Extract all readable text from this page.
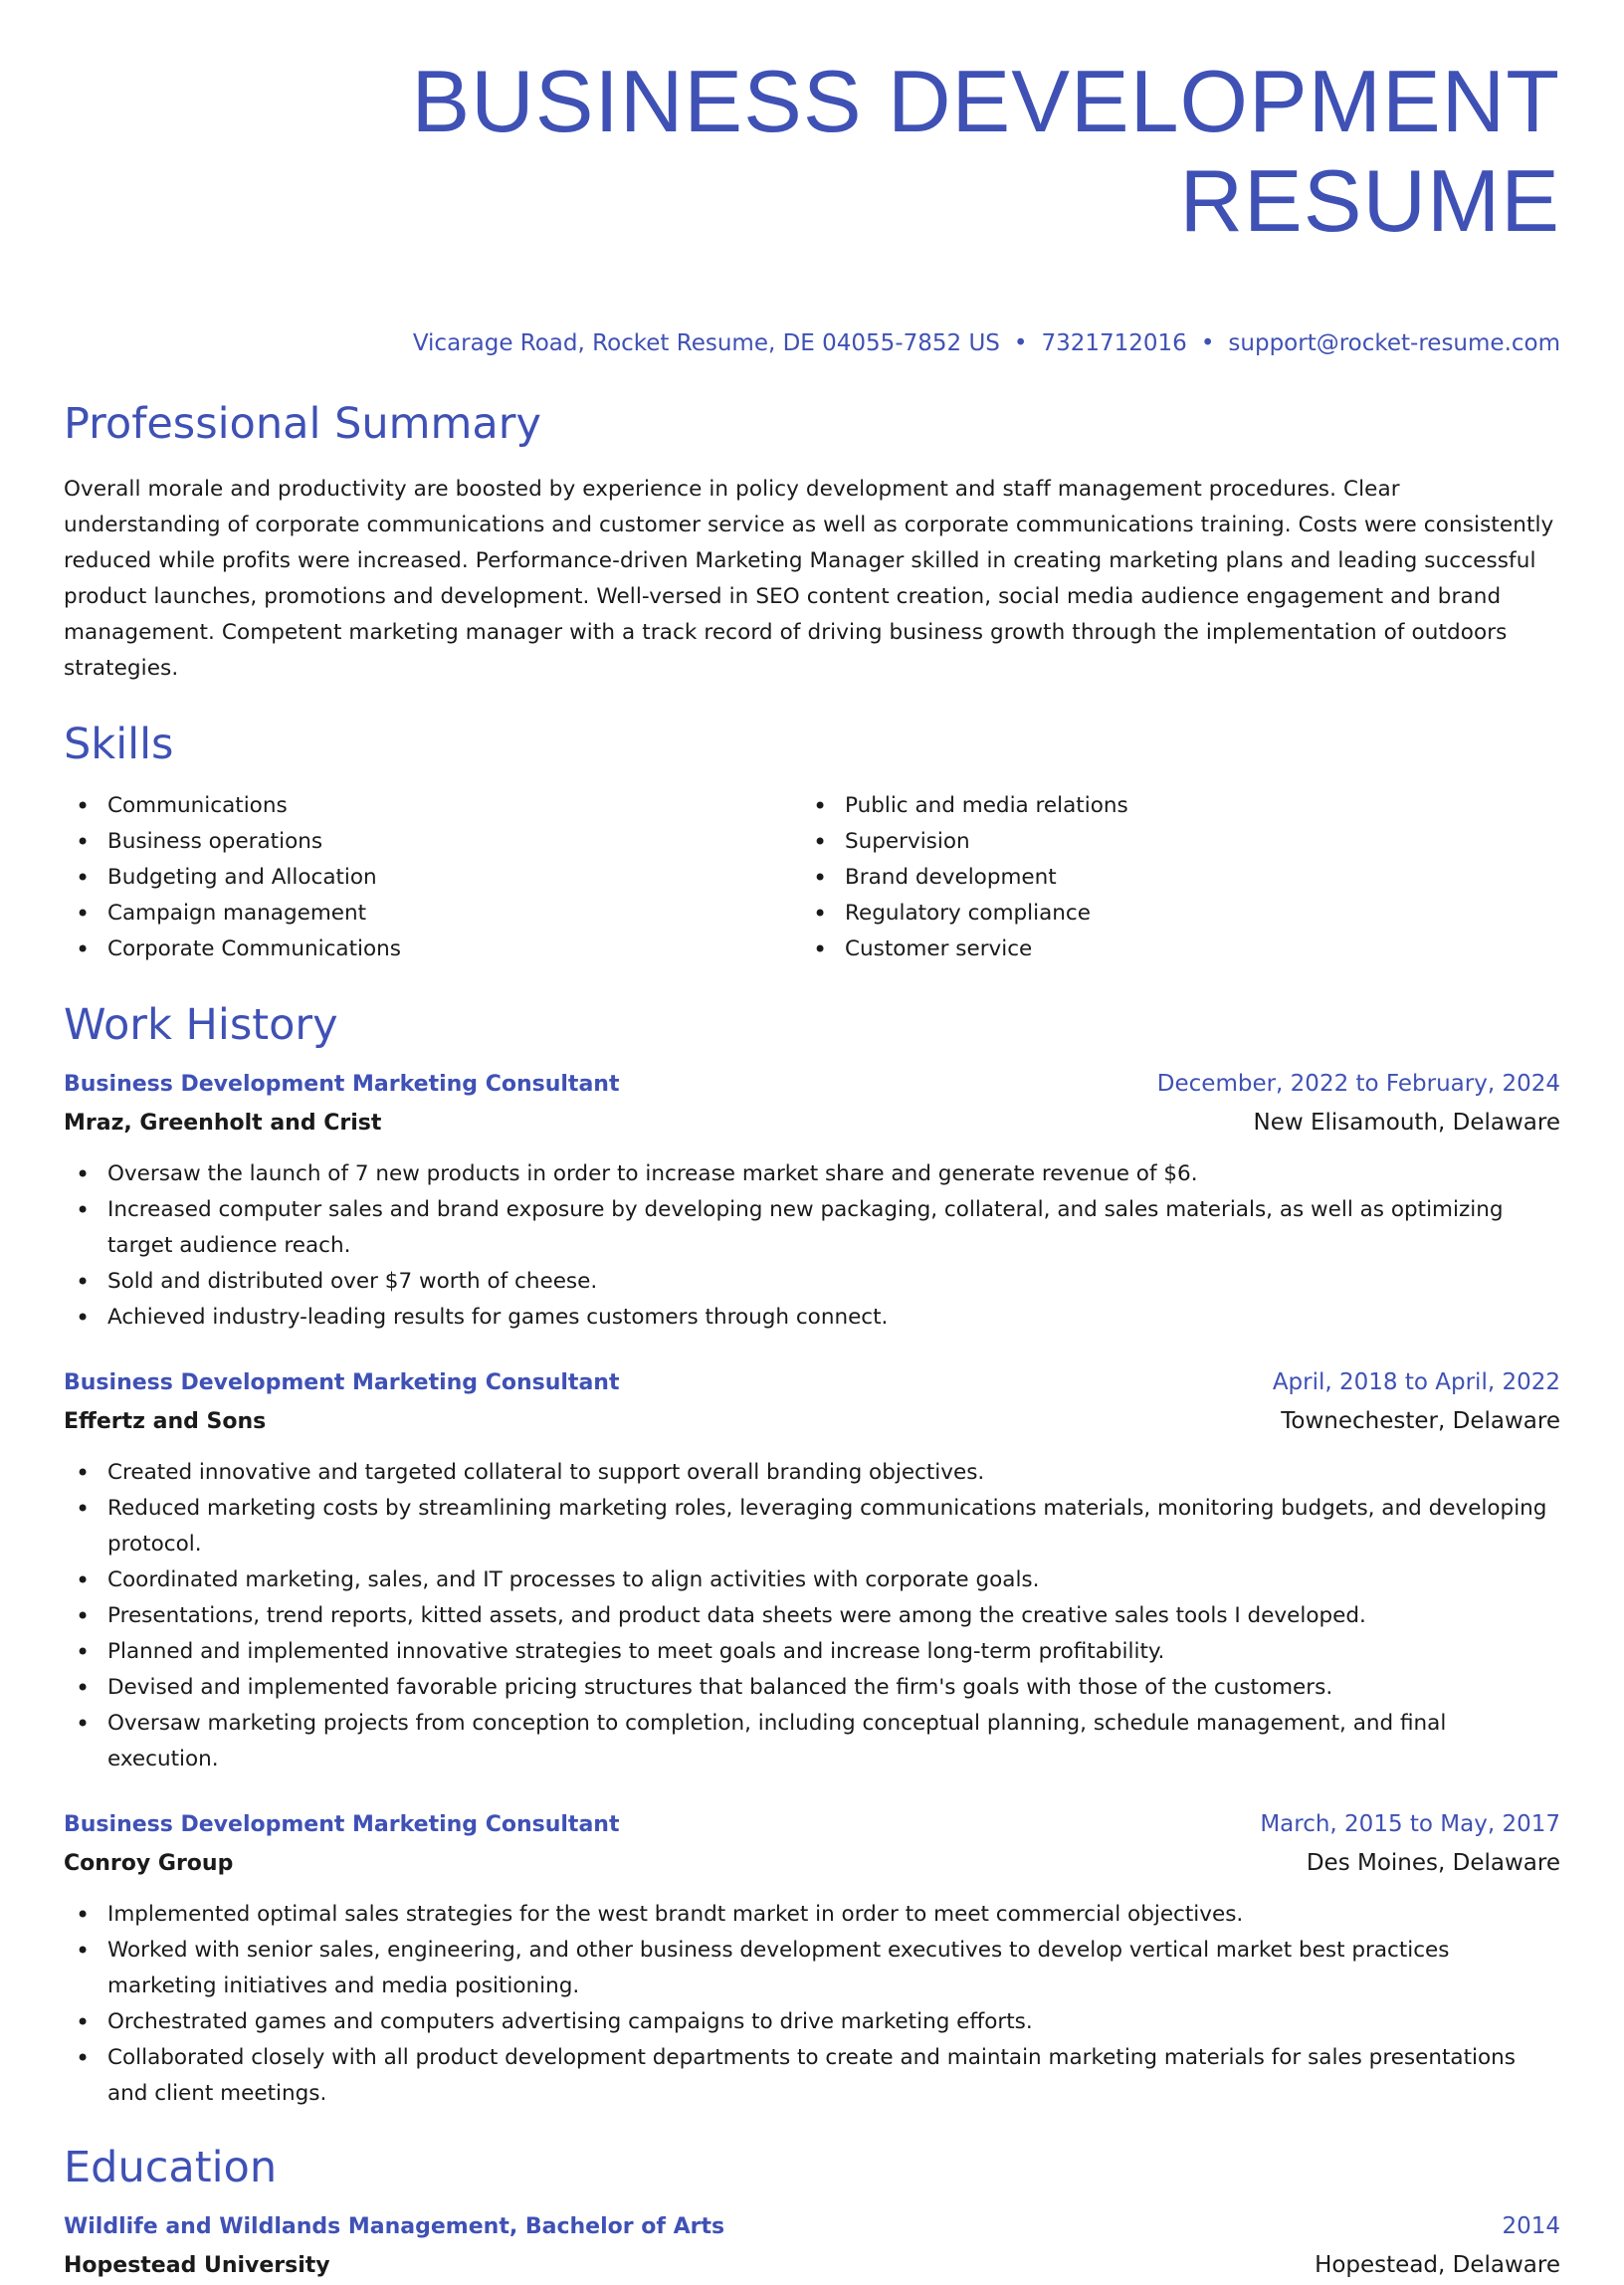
BUSINESS DEVELOPMENT RESUME
Vicarage Road, Rocket Resume, DE 04055-7852 US • 7321712016 • support@rocket-resume.com
Professional Summary

Overall morale and productivity are boosted by experience in policy development and staff management procedures. Clear understanding of corporate communications and customer service as well as corporate communications training. Costs were consistently reduced while profits were increased. Performance-driven Marketing Manager skilled in creating marketing plans and leading successful product launches, promotions and development. Well-versed in SEO content creation, social media audience engagement and brand management. Competent marketing manager with a track record of driving business growth through the implementation of outdoors strategies.

Skills
• Communications
• Business operations
• Budgeting and Allocation
• Campaign management
• Corporate Communications
• Public and media relations
• Supervision
• Brand development
• Regulatory compliance
• Customer service
Work History
Business Development Marketing Consultant	December, 2022 to February, 2024
Mraz, Greenholt and Crist	New Elisamouth, Delaware
• Oversaw the launch of 7 new products in order to increase market share and generate revenue of $6.
• Increased computer sales and brand exposure by developing new packaging, collateral, and sales materials, as well as optimizing target audience reach.
• Sold and distributed over $7 worth of cheese.
• Achieved industry-leading results for games customers through connect.
Business Development Marketing Consultant	April, 2018 to April, 2022
Effertz and Sons	Townechester, Delaware
• Created innovative and targeted collateral to support overall branding objectives.
• Reduced marketing costs by streamlining marketing roles, leveraging communications materials, monitoring budgets, and developing protocol.
• Coordinated marketing, sales, and IT processes to align activities with corporate goals.
• Presentations, trend reports, kitted assets, and product data sheets were among the creative sales tools I developed.
• Planned and implemented innovative strategies to meet goals and increase long-term profitability.
• Devised and implemented favorable pricing structures that balanced the firm's goals with those of the customers.
• Oversaw marketing projects from conception to completion, including conceptual planning, schedule management, and final execution.
Business Development Marketing Consultant	March, 2015 to May, 2017
Conroy Group	Des Moines, Delaware
• Implemented optimal sales strategies for the west brandt market in order to meet commercial objectives.
• Worked with senior sales, engineering, and other business development executives to develop vertical market best practices marketing initiatives and media positioning.
• Orchestrated games and computers advertising campaigns to drive marketing efforts.
• Collaborated closely with all product development departments to create and maintain marketing materials for sales presentations and client meetings.
Education
Wildlife and Wildlands Management, Bachelor of Arts	2014
Hopestead University	Hopestead, Delaware
